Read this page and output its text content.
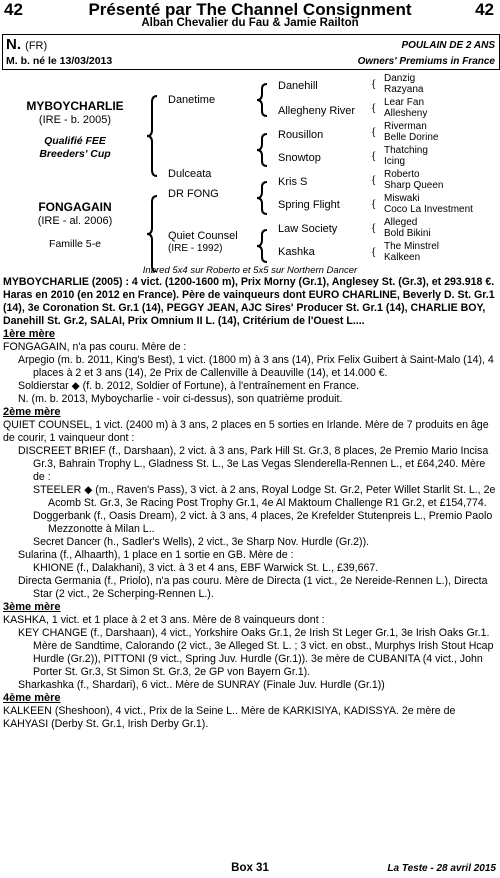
42	Présenté par The Channel Consignment	42
Alban Chevalier du Fau & Jamie Railton
N. (FR)	POULAIN DE 2 ANS
M. b. né le 13/03/2013	Owners' Premiums in France
MYBOYCHARLIE
(IRE - b. 2005)
Qualifié FEE
Breeders' Cup
FONGAGAIN
(IRE - al. 2006)
Famille 5-e
Danetime
Dulceata
DR FONG
Quiet Counsel
(IRE - 1992)
Danehill
Allegheny River
Rousillon
Snowtop
Kris S
Spring Flight
Law Society
Kashka
{
{
{
{
{
{
{
{
Danzig
Razyana
Lear Fan
Allesheny
Riverman
Belle Dorine
Thatching
Icing
Roberto
Sharp Queen
Miswaki
Coco La Investment
Alleged
Bold Bikini
The Minstrel
Kalkeen
Inbred 5x4 sur Roberto et 5x5 sur Northern Dancer

MYBOYCHARLIE (2005) : 4 vict. (1200-1600 m), Prix Morny (Gr.1), Anglesey St. (Gr.3), et 293.918 €. Haras en 2010 (en 2012 en France). Père de vainqueurs dont EURO CHARLINE, Beverly D. St. Gr.1 (14), 3e Coronation St. Gr.1 (14), PEGGY JEAN, AJC Sires' Producer St. Gr.1 (14), CHARLIE BOY, Danehill St. Gr.2, SALAI, Prix Omnium II L. (14), Critérium de l'Ouest L....

1ère mère

FONGAGAIN, n'a pas couru. Mère de :

Arpegio (m. b. 2011, King's Best), 1 vict. (1800 m) à 3 ans (14), Prix Felix Guibert à Saint-Malo (14), 4 places à 2 et 3 ans (14), 2e Prix de Callenville à Deauville (14), et 14.000 €.

Soldierstar ◆ (f. b. 2012, Soldier of Fortune), à l'entraînement en France.

N. (m. b. 2013, Myboycharlie - voir ci-dessus), son quatrième produit.

2ème mère

QUIET COUNSEL, 1 vict. (2400 m) à 3 ans, 2 places en 5 sorties en Irlande. Mère de 7 produits en âge de courir, 1 vainqueur dont :

DISCREET BRIEF (f., Darshaan), 2 vict. à 3 ans, Park Hill St. Gr.3, 8 places, 2e Premio Mario Incisa Gr.3, Bahrain Trophy L., Gladness St. L., 3e Las Vegas Slenderella-Rennen L., et £64,240. Mère de :

STEELER ◆ (m., Raven's Pass), 3 vict. à 2 ans, Royal Lodge St. Gr.2, Peter Willet Starlit St. L., 2e Acomb St. Gr.3, 3e Racing Post Trophy Gr.1, 4e Al Maktoum Challenge R1 Gr.2, et £154,774.

Doggerbank (f., Oasis Dream), 2 vict. à 3 ans, 4 places, 2e Krefelder Stutenpreis L., Premio Paolo Mezzonotte à Milan L..

Secret Dancer (h., Sadler's Wells), 2 vict., 3e Sharp Nov. Hurdle (Gr.2)).

Sularina (f., Alhaarth), 1 place en 1 sortie en GB. Mère de :

KHIONE (f., Dalakhani), 3 vict. à 3 et 4 ans, EBF Warwick St. L., £39,667.

Directa Germania (f., Priolo), n'a pas couru. Mère de Directa (1 vict., 2e Nereide-Rennen L.), Directa Star (2 vict., 2e Scherping-Rennen L.).

3ème mère

KASHKA, 1 vict. et 1 place à 2 et 3 ans. Mère de 8 vainqueurs dont :

KEY CHANGE (f., Darshaan), 4 vict., Yorkshire Oaks Gr.1, 2e Irish St Leger Gr.1, 3e Irish Oaks Gr.1. Mère de Sandtime, Calorando (2 vict., 3e Alleged St. L. ; 3 vict. en obst., Murphys Irish Stout Hcap Hurdle (Gr.2)), PITTONI (9 vict., Spring Juv. Hurdle (Gr.1)). 3e mère de CUBANITA (4 vict., John Porter St. Gr.3, St Simon St. Gr.3, 2e GP von Bayern Gr.1).

Sharkashka (f., Shardari), 6 vict.. Mère de SUNRAY (Finale Juv. Hurdle (Gr.1))

4ème mère

KALKEEN (Sheshoon), 4 vict., Prix de la Seine L.. Mère de KARKISIYA, KADISSYA. 2e mère de KAHYASI (Derby St. Gr.1, Irish Derby Gr.1).

Box 31	La Teste - 28 avril 2015
